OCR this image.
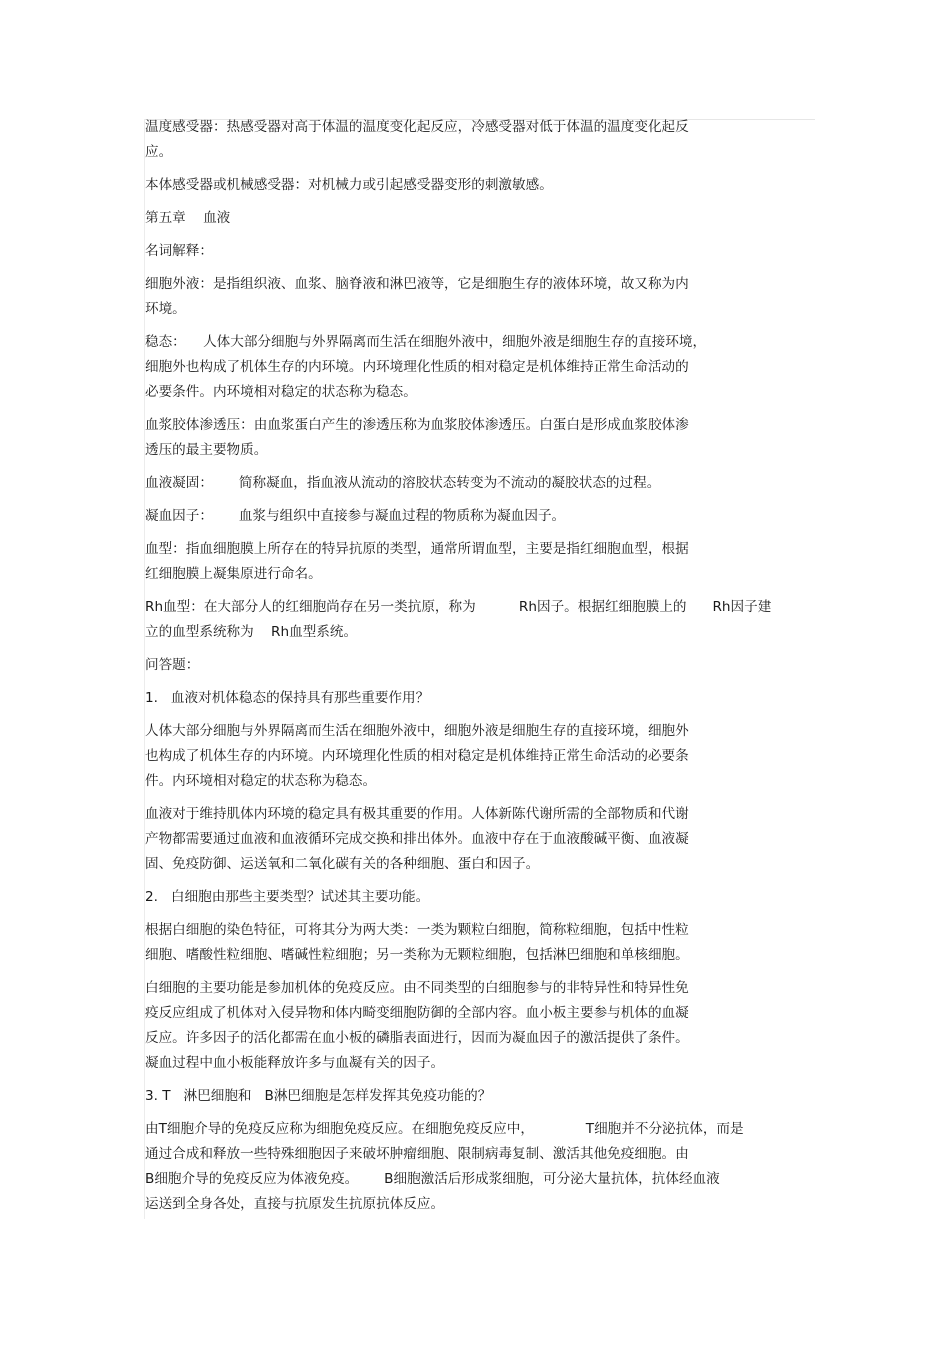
温度感受器：热感受器对高于体温的温度变化起反应，冷感受器对低于体温的温度变化起反
应。
本体感受器或机械感受器：对机械力或引起感受器变形的刺激敏感。
第五章    血液
名词解释：
细胞外液：是指组织液、血浆、脑脊液和淋巴液等，它是细胞生存的液体环境，故又称为内
环境。
稳态：    人体大部分细胞与外界隔离而生活在细胞外液中，细胞外液是细胞生存的直接环境，
细胞外也构成了机体生存的内环境。内环境理化性质的相对稳定是机体维持正常生命活动的
必要条件。内环境相对稳定的状态称为稳态。
血浆胶体渗透压：由血浆蛋白产生的渗透压称为血浆胶体渗透压。白蛋白是形成血浆胶体渗
透压的最主要物质。
血液凝固：      简称凝血，指血液从流动的溶胶状态转变为不流动的凝胶状态的过程。
凝血因子：      血浆与组织中直接参与凝血过程的物质称为凝血因子。
血型：指血细胞膜上所存在的特异抗原的类型，通常所谓血型，主要是指红细胞血型，根据
红细胞膜上凝集原进行命名。
Rh血型：在大部分人的红细胞尚存在另一类抗原，称为          Rh因子。根据红细胞膜上的      Rh因子建
立的血型系统称为    Rh血型系统。
问答题：
1.   血液对机体稳态的保持具有那些重要作用？
人体大部分细胞与外界隔离而生活在细胞外液中，细胞外液是细胞生存的直接环境，细胞外
也构成了机体生存的内环境。内环境理化性质的相对稳定是机体维持正常生命活动的必要条
件。内环境相对稳定的状态称为稳态。
血液对于维持肌体内环境的稳定具有极其重要的作用。人体新陈代谢所需的全部物质和代谢
产物都需要通过血液和血液循环完成交换和排出体外。血液中存在于血液酸碱平衡、血液凝
固、免疫防御、运送氧和二氧化碳有关的各种细胞、蛋白和因子。
2.   白细胞由那些主要类型？试述其主要功能。
根据白细胞的染色特征，可将其分为两大类：一类为颗粒白细胞，简称粒细胞，包括中性粒
细胞、嗜酸性粒细胞、嗜碱性粒细胞；另一类称为无颗粒细胞，包括淋巴细胞和单核细胞。
白细胞的主要功能是参加机体的免疫反应。由不同类型的白细胞参与的非特异性和特异性免
疫反应组成了机体对入侵异物和体内畸变细胞防御的全部内容。血小板主要参与机体的血凝
反应。许多因子的活化都需在血小板的磷脂表面进行，因而为凝血因子的激活提供了条件。
凝血过程中血小板能释放许多与血凝有关的因子。
3. T   淋巴细胞和   B淋巴细胞是怎样发挥其免疫功能的？
由T细胞介导的免疫反应称为细胞免疫反应。在细胞免疫反应中，            T细胞并不分泌抗体，而是
通过合成和释放一些特殊细胞因子来破坏肿瘤细胞、限制病毒复制、激活其他免疫细胞。由
B细胞介导的免疫反应为体液免疫。      B细胞激活后形成浆细胞，可分泌大量抗体，抗体经血液
运送到全身各处，直接与抗原发生抗原抗体反应。
